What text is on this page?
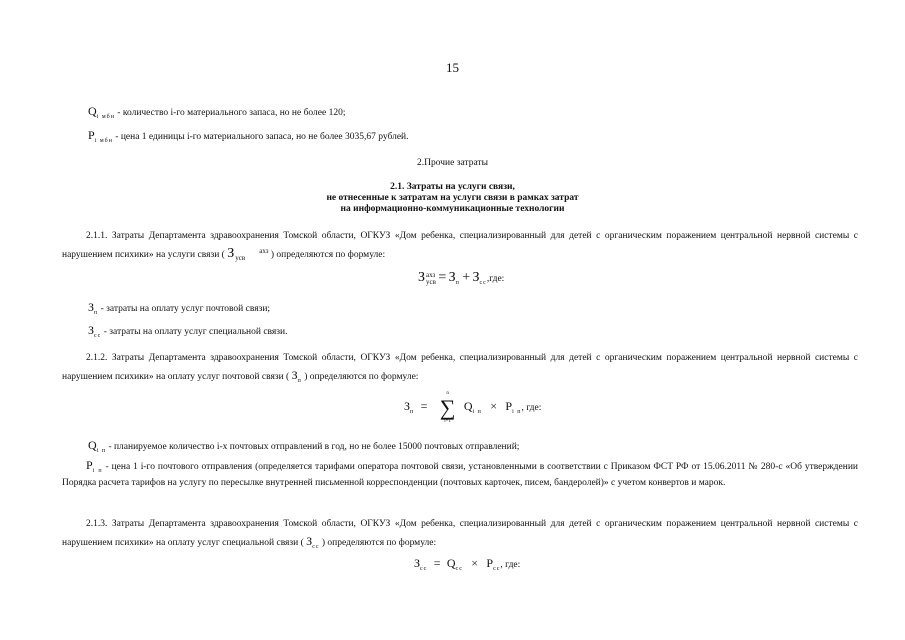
15
$Q_{i мбн}$ - количество i-го материального запаса, но не более 120;
$P_{i мбн}$ - цена 1 единицы i-го материального запаса, но не более 3035,67 рублей.
2.Прочие затраты
2.1. Затраты на услуги связи,
не отнесенные к затратам на услуги связи в рамках затрат
на информационно-коммуникационные технологии
2.1.1. Затраты Департамента здравоохранения Томской области, ОГКУЗ «Дом ребенка, специализированный для детей с органическим поражением центральной нервной системы с нарушением психики» на услуги связи ( З	ахз
усв	) определяются по формуле:
Захз
усв = $З_п + З_{сс},где$:
$З_п$ - затраты на оплату услуг почтовой связи;
$З_{сс}$ - затраты на оплату услуг специальной связи.
2.1.2. Затраты Департамента здравоохранения Томской области, ОГКУЗ «Дом ребенка, специализированный для детей с органическим поражением центральной нервной системы с нарушением психики» на оплату услуг почтовой связи ( $З_п$ ) определяются по формуле:
$З_п$ =
n
∑
i=1
$Q_{i п} \times P_{i п}$, где:
$Q_{i п}$ - планируемое количество i-х почтовых отправлений в год, но не более 15000 почтовых отправлений;
$P_{i п}$ - цена 1 i-го почтового отправления (определяется тарифами оператора почтовой связи, установленными в соответствии с Приказом ФСТ РФ от 15.06.2011 № 280-с «Об утверждении Порядка расчета тарифов на услугу по пересылке внутренней письменной корреспонденции (почтовых карточек, писем, бандеролей)» с учетом конвертов и марок.
2.1.3. Затраты Департамента здравоохранения Томской области, ОГКУЗ «Дом ребенка, специализированный для детей с органическим поражением центральной нервной системы с нарушением психики» на оплату услуг специальной связи ( $З_{сс}$ ) определяются по формуле:
$З_{сс} = Q_{сс} \times P_{сс}$, где:
